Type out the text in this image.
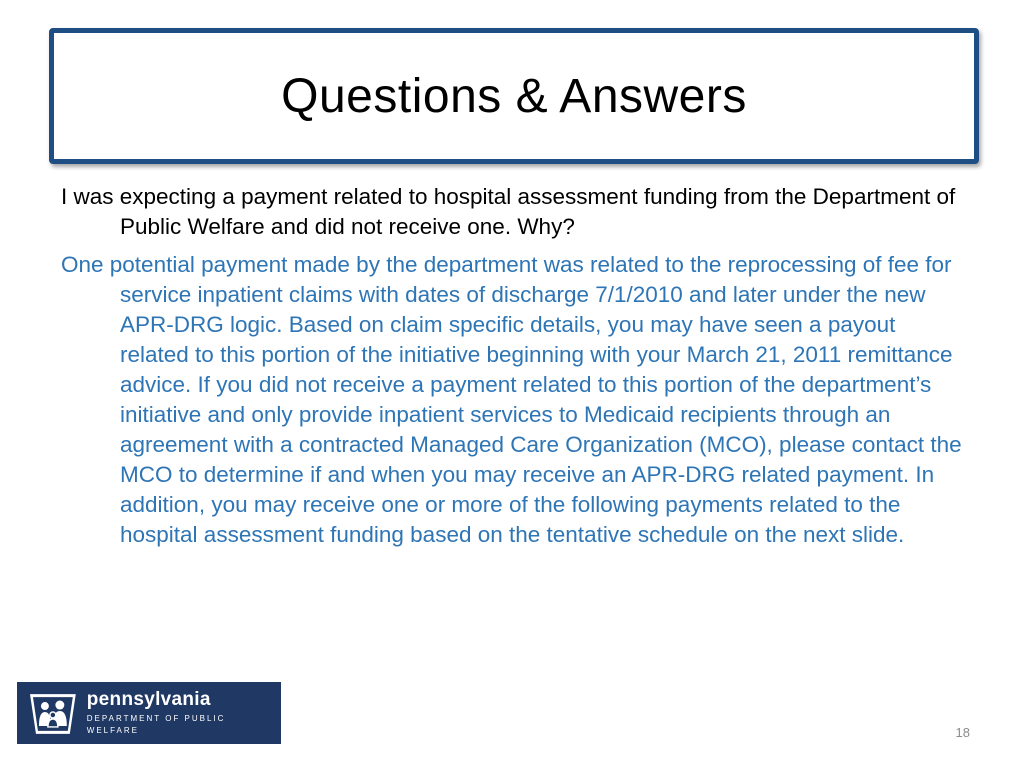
Questions & Answers

I was expecting a payment related to hospital assessment funding from the Department of Public Welfare and did not receive one. Why?

One potential payment made by the department was related to the reprocessing of fee for service inpatient claims with dates of discharge 7/1/2010 and later under the new APR-DRG logic. Based on claim specific details, you may have seen a payout related to this portion of the initiative beginning with your March 21, 2011 remittance advice. If you did not receive a payment related to this portion of the department’s initiative and only provide inpatient services to Medicaid recipients through an agreement with a contracted Managed Care Organization (MCO), please contact the MCO to determine if and when you may receive an APR-DRG related payment. In addition, you may receive one or more of the following payments related to the hospital assessment funding based on the tentative schedule on the next slide.

pennsylvania
DEPARTMENT OF PUBLIC WELFARE	18
